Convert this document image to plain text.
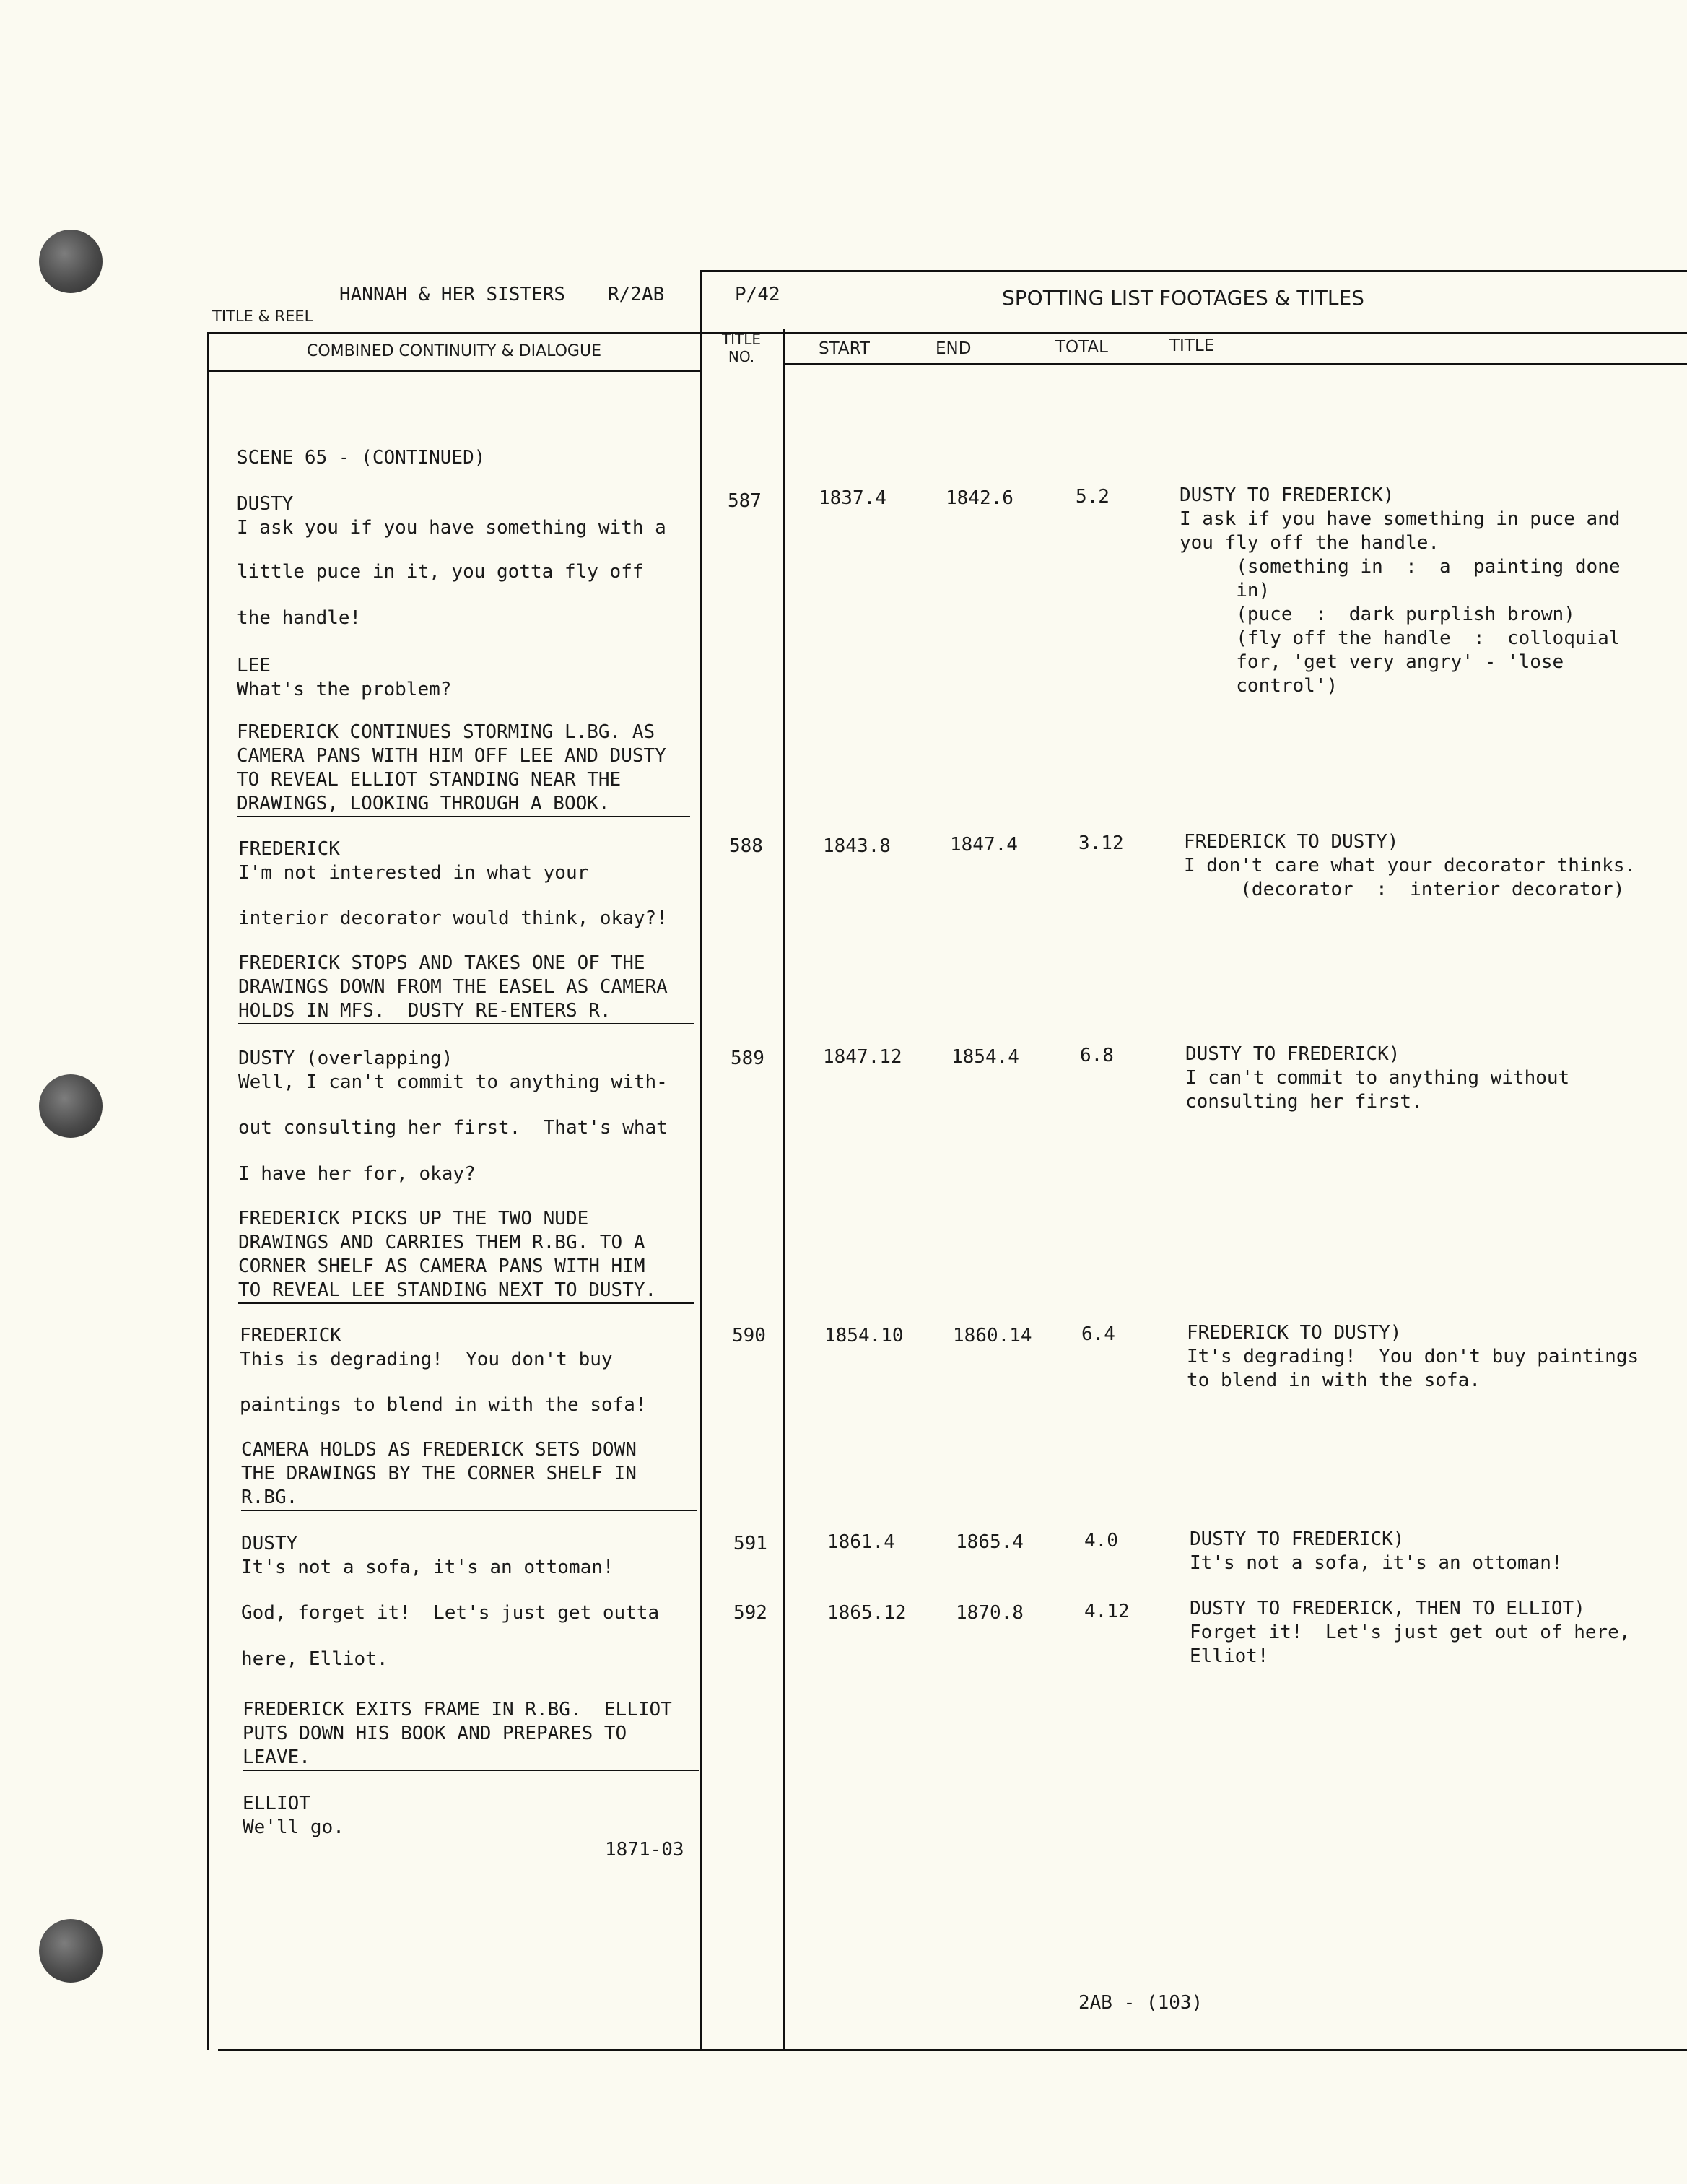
TITLE & REEL
HANNAH & HER SISTERS R/2AB	P/42	SPOTTING LIST FOOTAGES & TITLES
COMBINED CONTINUITY & DIALOGUE
TITLE
NO.	START	END	TOTAL	TITLE
SCENE 65 - (CONTINUED)
DUSTY
I ask you if you have something with a
little puce in it, you gotta fly off
the handle!
LEE
What's the problem?
FREDERICK CONTINUES STORMING L.BG. AS
CAMERA PANS WITH HIM OFF LEE AND DUSTY
TO REVEAL ELLIOT STANDING NEAR THE
DRAWINGS, LOOKING THROUGH A BOOK.
FREDERICK
I'm not interested in what your
interior decorator would think, okay?!
FREDERICK STOPS AND TAKES ONE OF THE
DRAWINGS DOWN FROM THE EASEL AS CAMERA
HOLDS IN MFS.  DUSTY RE-ENTERS R.
DUSTY (overlapping)
Well, I can't commit to anything with-
out consulting her first.  That's what
I have her for, okay?
FREDERICK PICKS UP THE TWO NUDE
DRAWINGS AND CARRIES THEM R.BG. TO A
CORNER SHELF AS CAMERA PANS WITH HIM
TO REVEAL LEE STANDING NEXT TO DUSTY.
FREDERICK
This is degrading!  You don't buy
paintings to blend in with the sofa!
CAMERA HOLDS AS FREDERICK SETS DOWN
THE DRAWINGS BY THE CORNER SHELF IN
R.BG.
DUSTY
It's not a sofa, it's an ottoman!
God, forget it!  Let's just get outta
here, Elliot.
FREDERICK EXITS FRAME IN R.BG.  ELLIOT
PUTS DOWN HIS BOOK AND PREPARES TO
LEAVE.
ELLIOT
We'll go.
1871-03
587	1837.4	1842.6	5.2	DUSTY TO FREDERICK)
I ask if you have something in puce and
you fly off the handle.
(something in  :  a  painting done
in)
(puce  :  dark purplish brown)
(fly off the handle  :  colloquial
for, 'get very angry' - 'lose
control')
588	1843.8	1847.4	3.12	FREDERICK TO DUSTY)
I don't care what your decorator thinks.
(decorator  :  interior decorator)
589	1847.12	1854.4	6.8	DUSTY TO FREDERICK)
I can't commit to anything without
consulting her first.
590	1854.10	1860.14	6.4	FREDERICK TO DUSTY)
It's degrading!  You don't buy paintings
to blend in with the sofa.
591	1861.4	1865.4	4.0	DUSTY TO FREDERICK)
It's not a sofa, it's an ottoman!
592	1865.12	1870.8	4.12	DUSTY TO FREDERICK, THEN TO ELLIOT)
Forget it!  Let's just get out of here,
Elliot!
2AB - (103)
